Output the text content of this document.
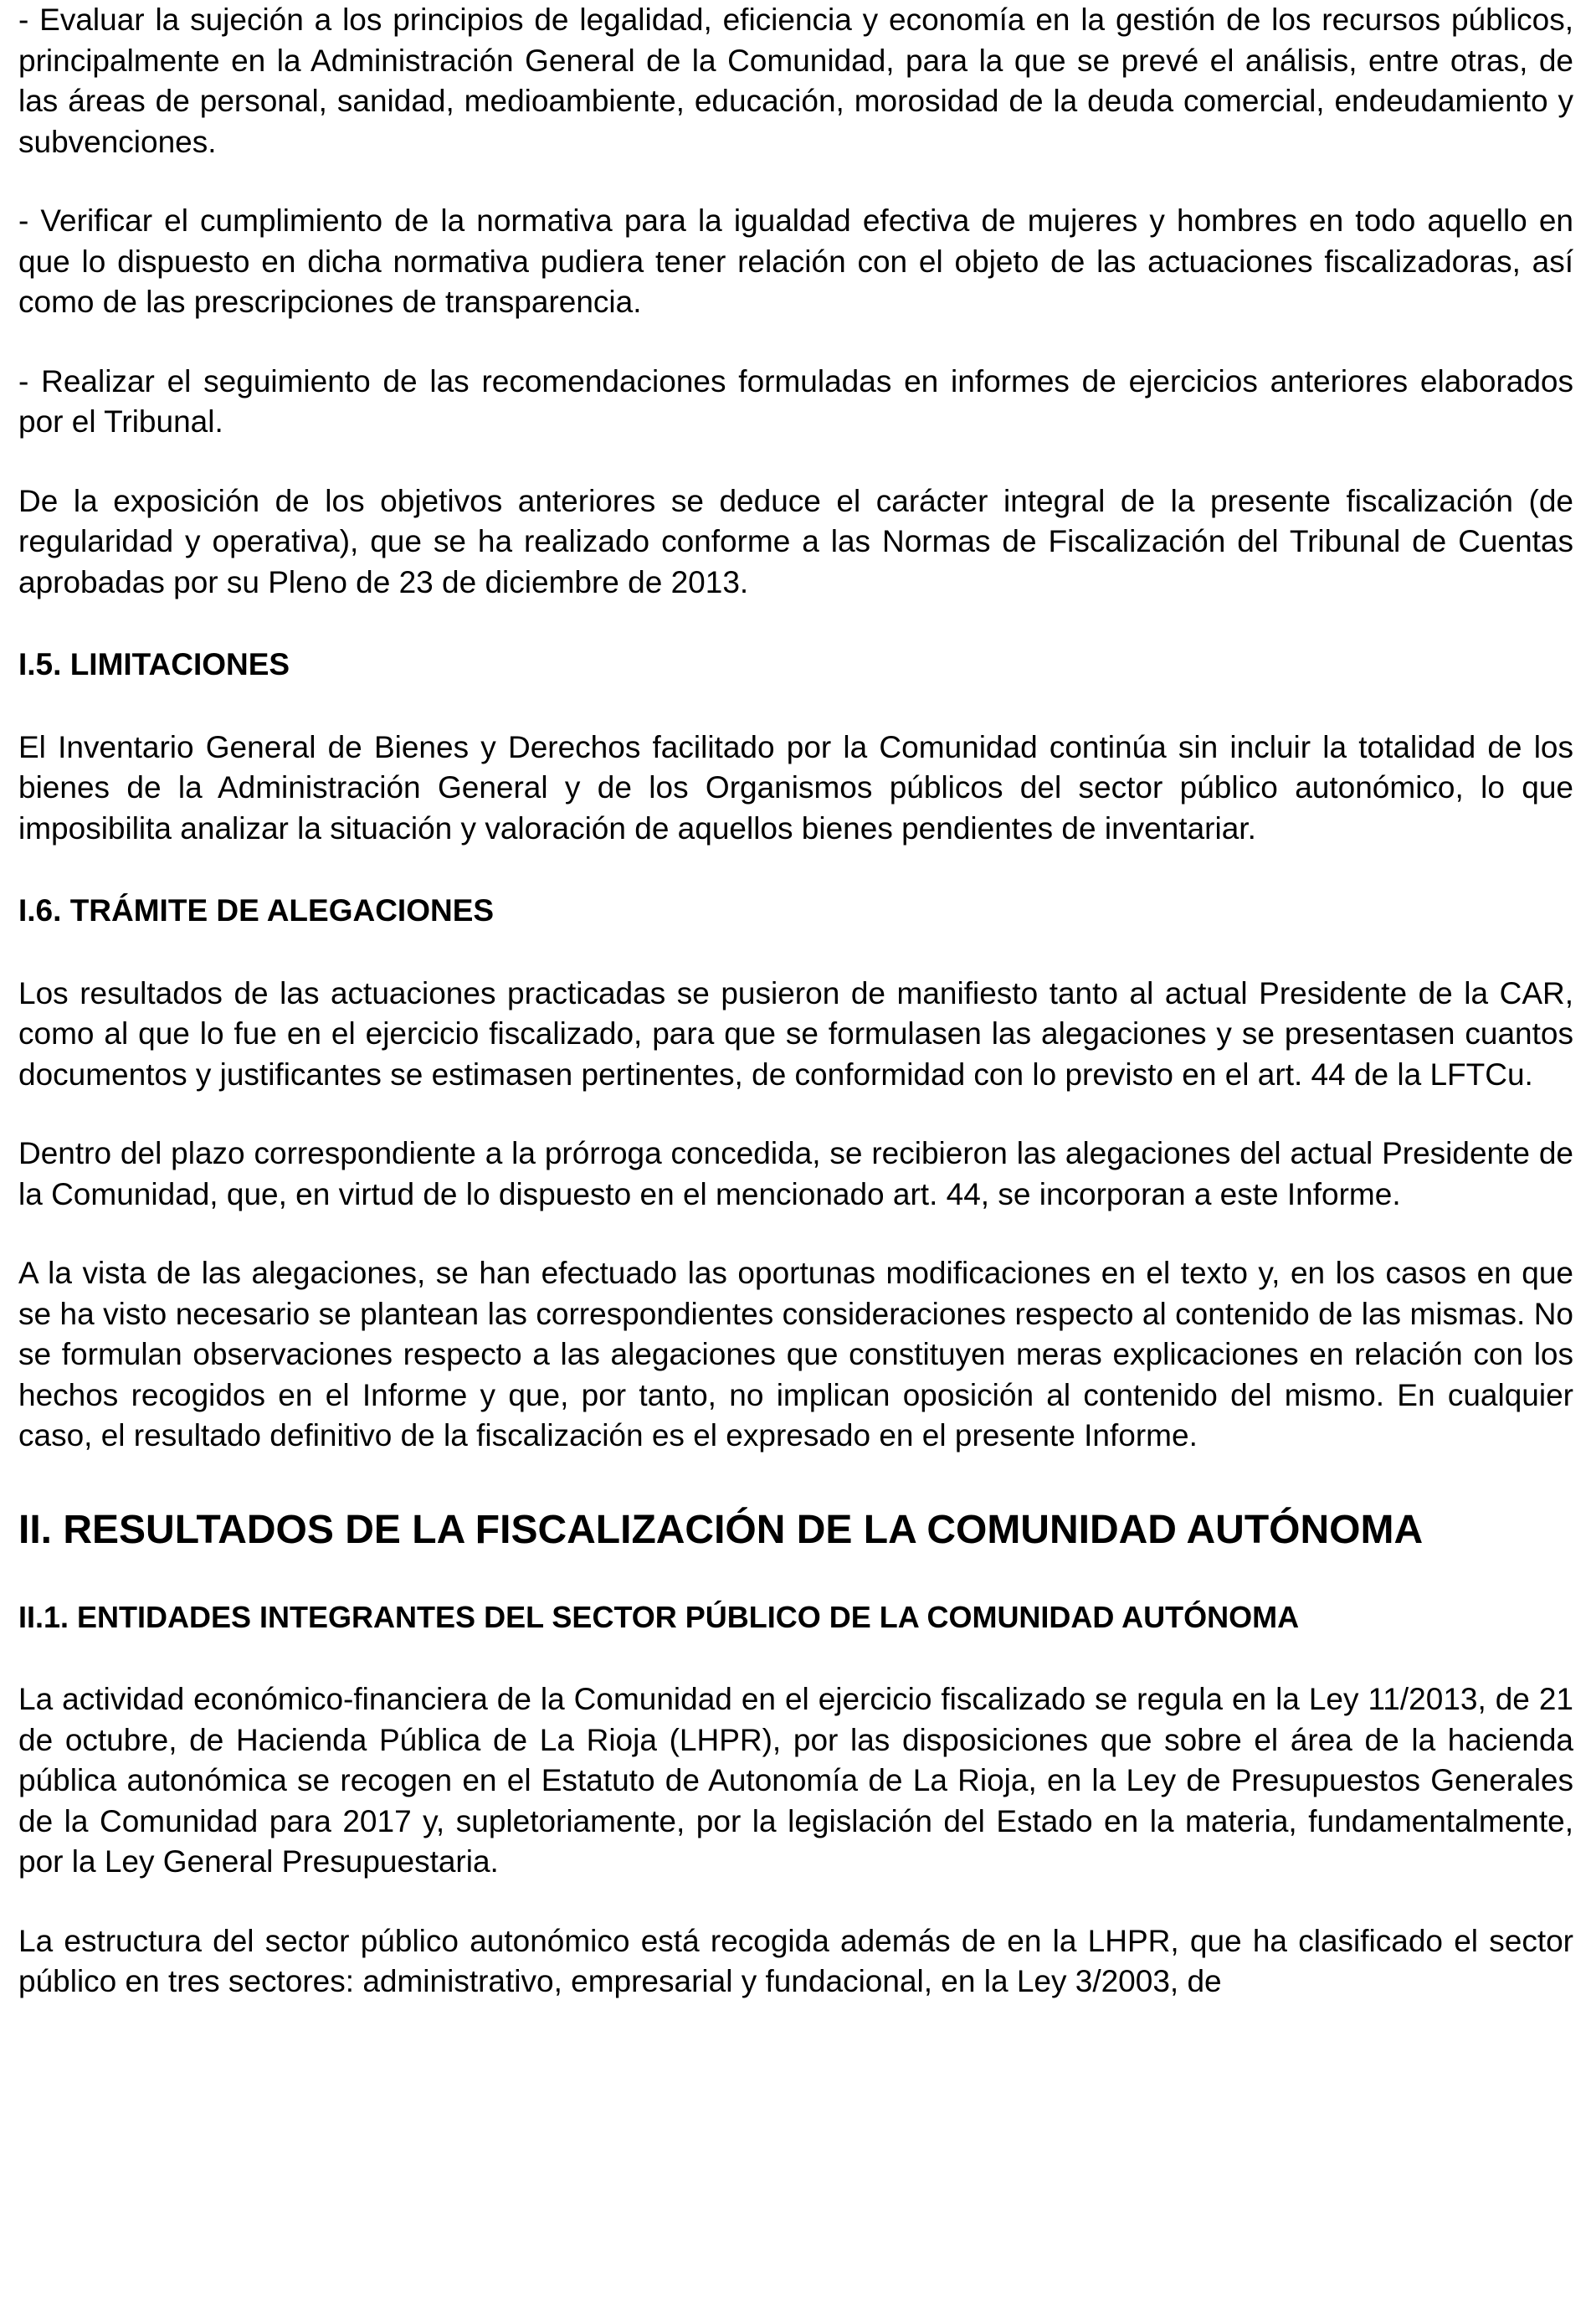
- Evaluar la sujeción a los principios de legalidad, eficiencia y economía en la gestión de los recursos públicos, principalmente en la Administración General de la Comunidad, para la que se prevé el análisis, entre otras, de las áreas de personal, sanidad, medioambiente, educación, morosidad de la deuda comercial, endeudamiento y subvenciones.

- Verificar el cumplimiento de la normativa para la igualdad efectiva de mujeres y hombres en todo aquello en que lo dispuesto en dicha normativa pudiera tener relación con el objeto de las actuaciones fiscalizadoras, así como de las prescripciones de transparencia.

- Realizar el seguimiento de las recomendaciones formuladas en informes de ejercicios anteriores elaborados por el Tribunal.

De la exposición de los objetivos anteriores se deduce el carácter integral de la presente fiscalización (de regularidad y operativa), que se ha realizado conforme a las Normas de Fiscalización del Tribunal de Cuentas aprobadas por su Pleno de 23 de diciembre de 2013.

I.5. LIMITACIONES

El Inventario General de Bienes y Derechos facilitado por la Comunidad continúa sin incluir la totalidad de los bienes de la Administración General y de los Organismos públicos del sector público autonómico, lo que imposibilita analizar la situación y valoración de aquellos bienes pendientes de inventariar.

I.6. TRÁMITE DE ALEGACIONES

Los resultados de las actuaciones practicadas se pusieron de manifiesto tanto al actual Presidente de la CAR, como al que lo fue en el ejercicio fiscalizado, para que se formulasen las alegaciones y se presentasen cuantos documentos y justificantes se estimasen pertinentes, de conformidad con lo previsto en el art. 44 de la LFTCu.

Dentro del plazo correspondiente a la prórroga concedida, se recibieron las alegaciones del actual Presidente de la Comunidad, que, en virtud de lo dispuesto en el mencionado art. 44, se incorporan a este Informe.

A la vista de las alegaciones, se han efectuado las oportunas modificaciones en el texto y, en los casos en que se ha visto necesario se plantean las correspondientes consideraciones respecto al contenido de las mismas. No se formulan observaciones respecto a las alegaciones que constituyen meras explicaciones en relación con los hechos recogidos en el Informe y que, por tanto, no implican oposición al contenido del mismo. En cualquier caso, el resultado definitivo de la fiscalización es el expresado en el presente Informe.

II. RESULTADOS DE LA FISCALIZACIÓN DE LA COMUNIDAD AUTÓNOMA
II.1. ENTIDADES INTEGRANTES DEL SECTOR PÚBLICO DE LA COMUNIDAD AUTÓNOMA

La actividad económico-financiera de la Comunidad en el ejercicio fiscalizado se regula en la Ley 11/2013, de 21 de octubre, de Hacienda Pública de La Rioja (LHPR), por las disposiciones que sobre el área de la hacienda pública autonómica se recogen en el Estatuto de Autonomía de La Rioja, en la Ley de Presupuestos Generales de la Comunidad para 2017 y, supletoriamente, por la legislación del Estado en la materia, fundamentalmente, por la Ley General Presupuestaria.

La estructura del sector público autonómico está recogida además de en la LHPR, que ha clasificado el sector público en tres sectores: administrativo, empresarial y fundacional, en la Ley 3/2003, de
